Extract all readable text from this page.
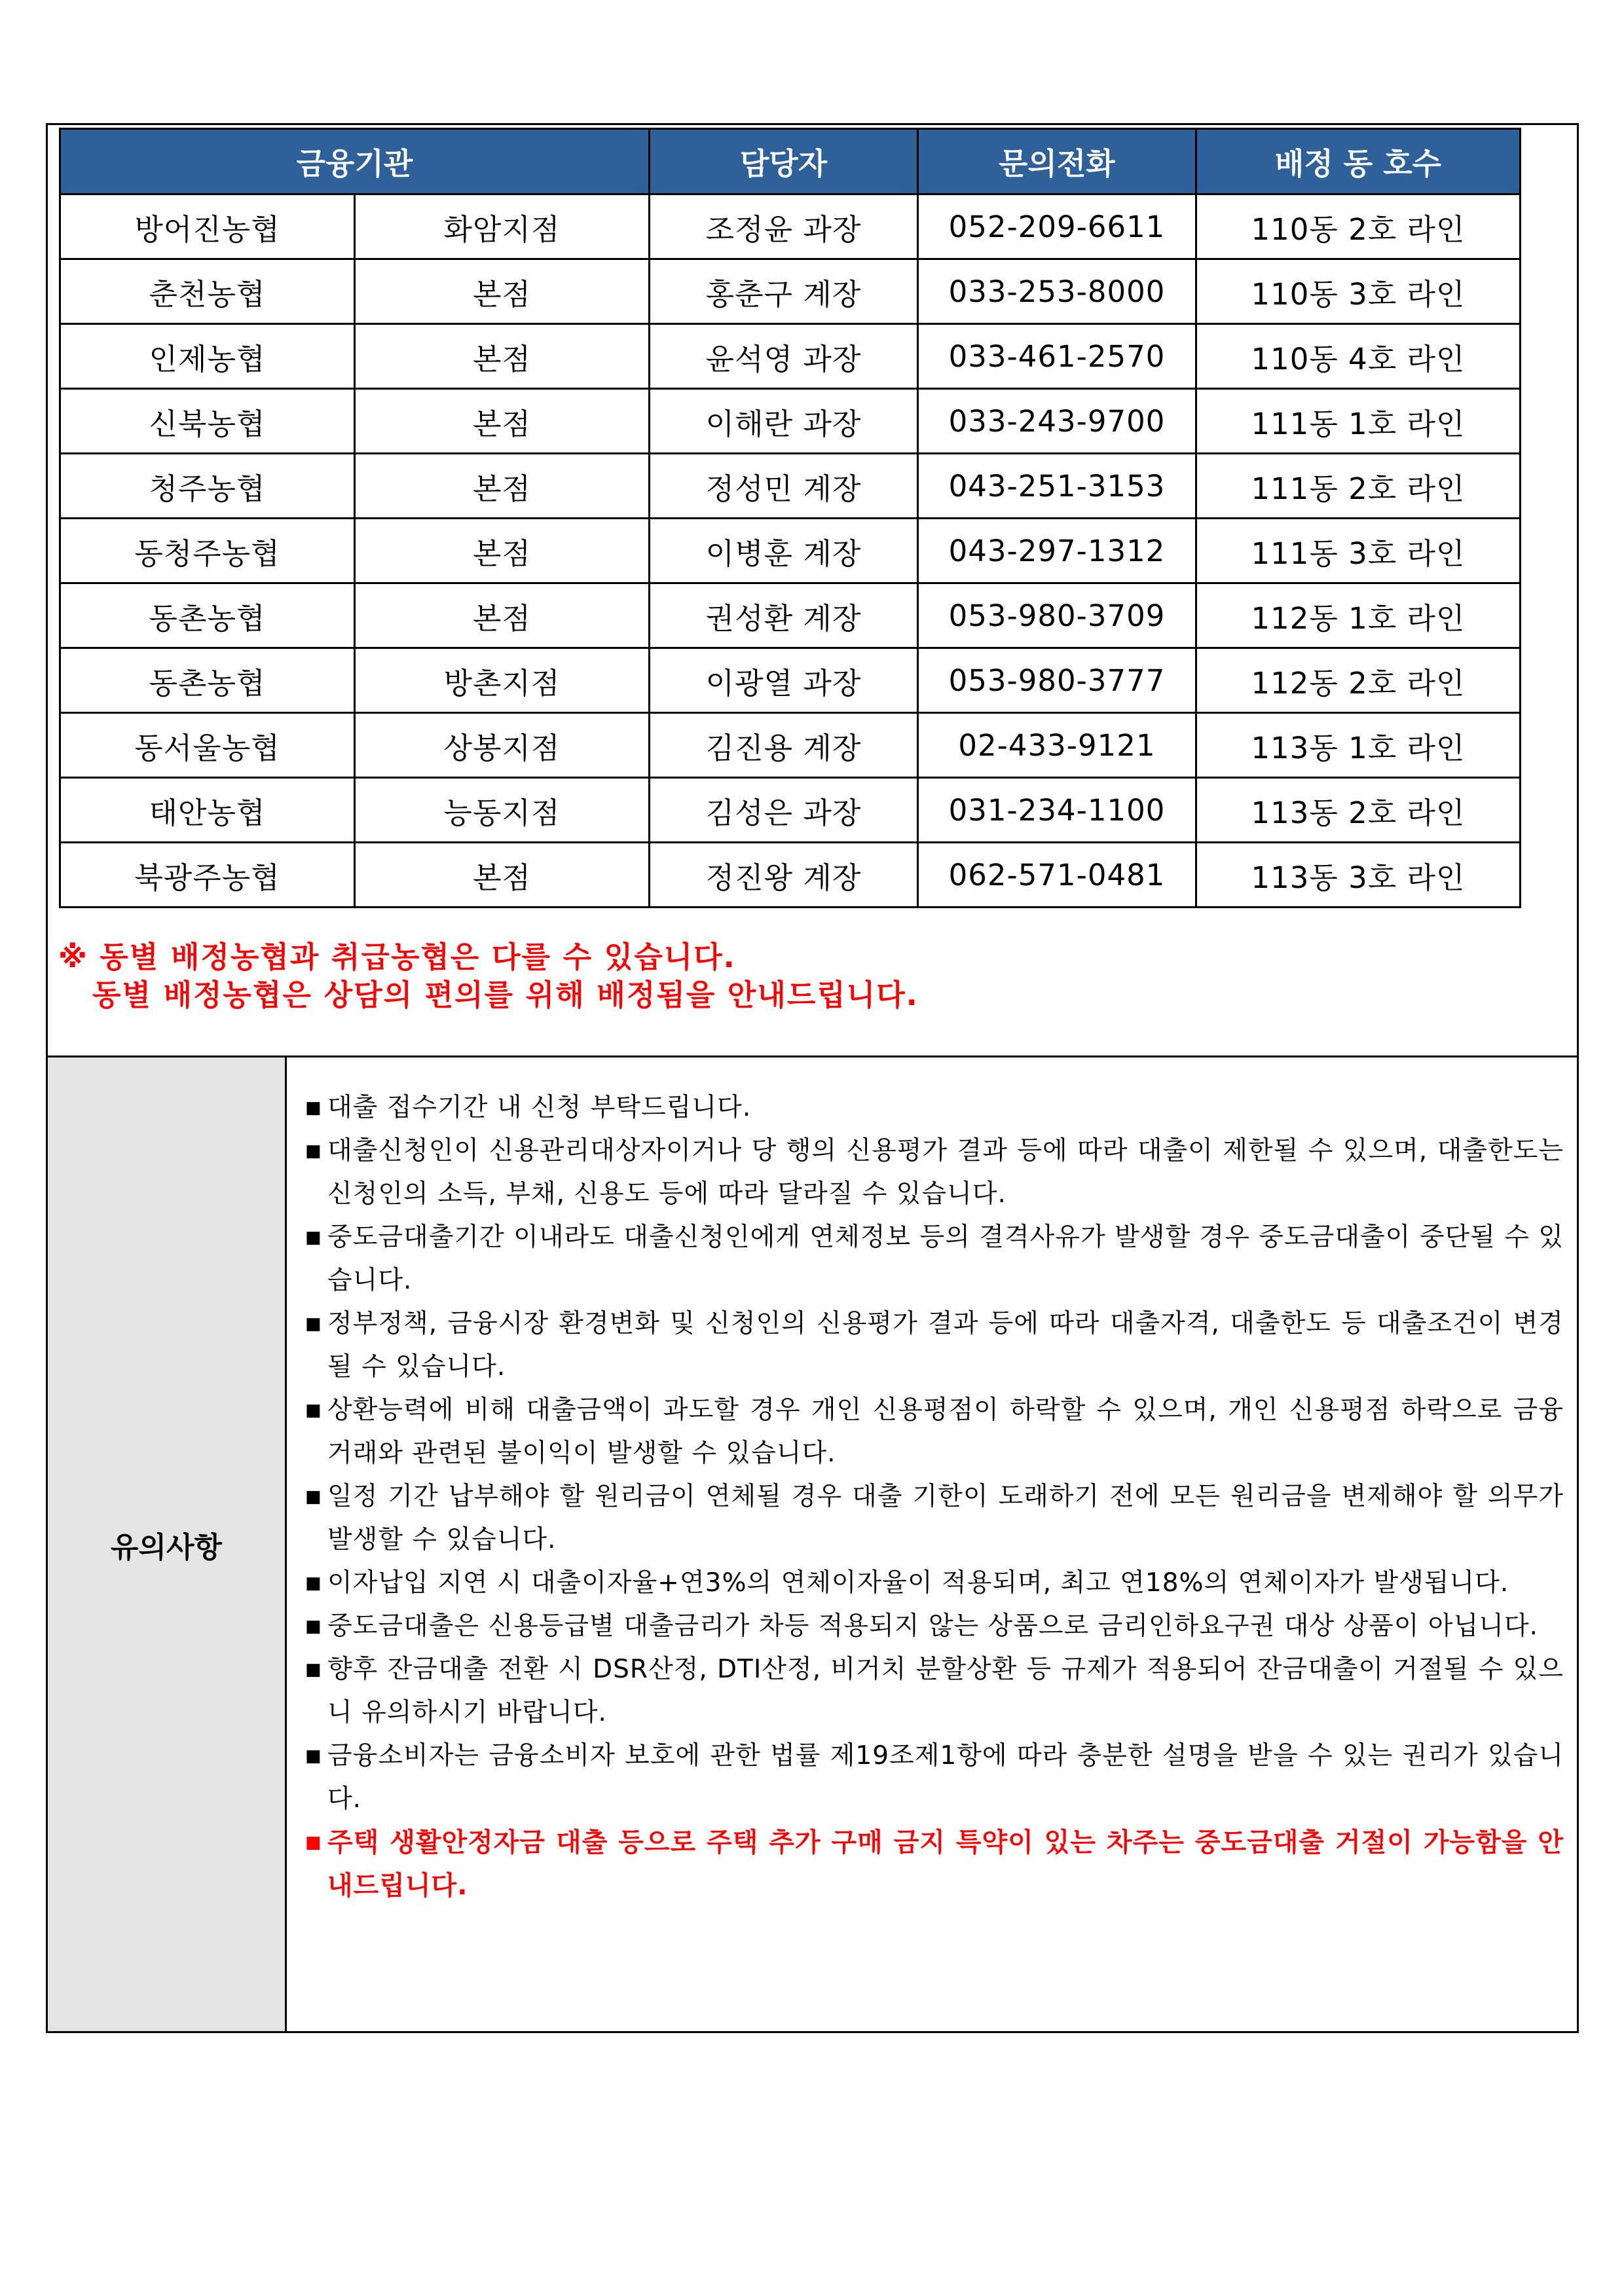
금융기관		담당자	문의전화	배정 동 호수
방어진농협	화암지점	조정윤 과장	052-209-6611	110동 2호 라인
춘천농협	본점	홍춘구 계장	033-253-8000	110동 3호 라인
인제농협	본점	윤석영 과장	033-461-2570	110동 4호 라인
신북농협	본점	이해란 과장	033-243-9700	111동 1호 라인
청주농협	본점	정성민 계장	043-251-3153	111동 2호 라인
동청주농협	본점	이병훈 계장	043-297-1312	111동 3호 라인
동촌농협	본점	권성환 계장	053-980-3709	112동 1호 라인
동촌농협	방촌지점	이광열 과장	053-980-3777	112동 2호 라인
동서울농협	상봉지점	김진용 계장	02-433-9121	113동 1호 라인
태안농협	능동지점	김성은 과장	031-234-1100	113동 2호 라인
북광주농협	본점	정진왕 계장	062-571-0481	113동 3호 라인
※ 동별 배정농협과 취급농협은 다를 수 있습니다.
동별 배정농협은 상담의 편의를 위해 배정됨을 안내드립니다.
유의사항
■ 대출 접수기간 내 신청 부탁드립니다.
■ 대출신청인이 신용관리대상자이거나 당 행의 신용평가 결과 등에 따라 대출이 제한될 수 있으며, 대출한도는 신청인의 소득, 부채, 신용도 등에 따라 달라질 수 있습니다.
■ 중도금대출기간 이내라도 대출신청인에게 연체정보 등의 결격사유가 발생할 경우 중도금대출이 중단될 수 있습니다.
■ 정부정책, 금융시장 환경변화 및 신청인의 신용평가 결과 등에 따라 대출자격, 대출한도 등 대출조건이 변경될 수 있습니다.
■ 상환능력에 비해 대출금액이 과도할 경우 개인 신용평점이 하락할 수 있으며, 개인 신용평점 하락으로 금융거래와 관련된 불이익이 발생할 수 있습니다.
■ 일정 기간 납부해야 할 원리금이 연체될 경우 대출 기한이 도래하기 전에 모든 원리금을 변제해야 할 의무가 발생할 수 있습니다.
■ 이자납입 지연 시 대출이자율+연3%의 연체이자율이 적용되며, 최고 연18%의 연체이자가 발생됩니다.
■ 중도금대출은 신용등급별 대출금리가 차등 적용되지 않는 상품으로 금리인하요구권 대상 상품이 아닙니다.
■ 향후 잔금대출 전환 시 DSR산정, DTI산정, 비거치 분할상환 등 규제가 적용되어 잔금대출이 거절될 수 있으니 유의하시기 바랍니다.
■ 금융소비자는 금융소비자 보호에 관한 법률 제19조제1항에 따라 충분한 설명을 받을 수 있는 권리가 있습니다.
■ 주택 생활안정자금 대출 등으로 주택 추가 구매 금지 특약이 있는 차주는 중도금대출 거절이 가능함을 안내드립니다.
